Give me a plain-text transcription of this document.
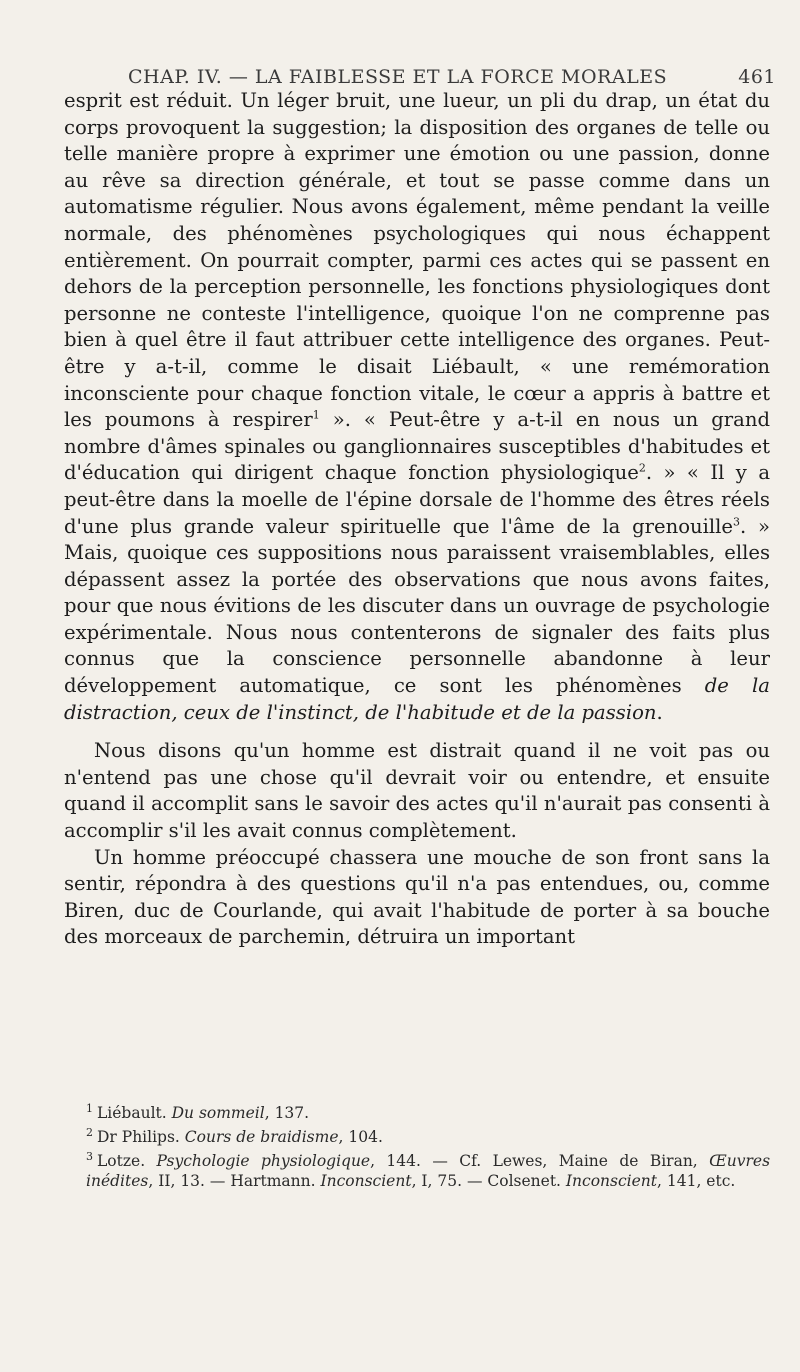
CHAP. IV. — LA FAIBLESSE ET LA FORCE MORALES	461

esprit est réduit. Un léger bruit, une lueur, un pli du drap, un état du corps provoquent la suggestion; la disposition des organes de telle ou telle manière propre à exprimer une émotion ou une passion, donne au rêve sa direction générale, et tout se passe comme dans un automatisme régulier. Nous avons également, même pendant la veille normale, des phénomènes psychologiques qui nous échappent entièrement. On pourrait compter, parmi ces actes qui se passent en dehors de la perception personnelle, les fonctions physiologiques dont personne ne conteste l'intelligence, quoique l'on ne comprenne pas bien à quel être il faut attribuer cette intelligence des organes. Peut-être y a-t-il, comme le disait Liébault, « une remémoration inconsciente pour chaque fonction vitale, le cœur a appris à battre et les poumons à respirer$^1$ ». « Peut-être y a-t-il en nous un grand nombre d'âmes spinales ou ganglionnaires susceptibles d'habitudes et d'éducation qui dirigent chaque fonction physiologique$^2$. » « Il y a peut-être dans la moelle de l'épine dorsale de l'homme des êtres réels d'une plus grande valeur spirituelle que l'âme de la grenouille$^3$. » Mais, quoique ces suppositions nous paraissent vraisemblables, elles dépassent assez la portée des observations que nous avons faites, pour que nous évitions de les discuter dans un ouvrage de psychologie expérimentale. Nous nous contenterons de signaler des faits plus connus que la conscience personnelle abandonne à leur développement automatique, ce sont les phénomènes de la distraction, ceux de l'instinct, de l'habitude et de la passion.

Nous disons qu'un homme est distrait quand il ne voit pas ou n'entend pas une chose qu'il devrait voir ou entendre, et ensuite quand il accomplit sans le savoir des actes qu'il n'aurait pas consenti à accomplir s'il les avait connus complètement.

Un homme préoccupé chassera une mouche de son front sans la sentir, répondra à des questions qu'il n'a pas entendues, ou, comme Biren, duc de Courlande, qui avait l'habitude de porter à sa bouche des morceaux de parchemin, détruira un important

$^1$ Liébault. Du sommeil, 137.

$^2$ Dr Philips. Cours de braidisme, 104.

$^3$ Lotze. Psychologie physiologique, 144. — Cf. Lewes, Maine de Biran, Œuvres inédites, II, 13. — Hartmann. Inconscient, I, 75. — Colsenet. Inconscient, 141, etc.
